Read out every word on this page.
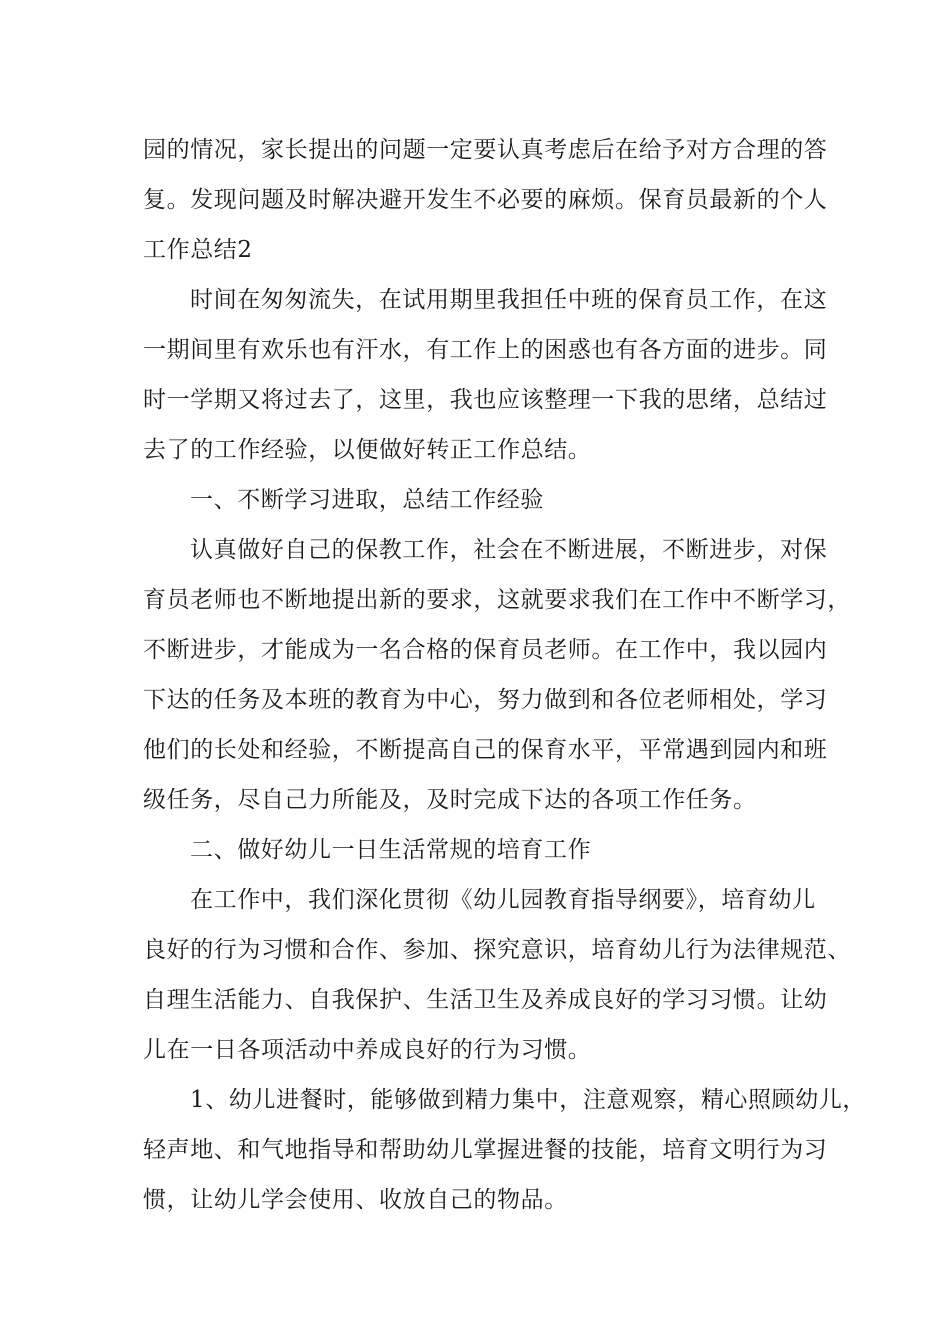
园的情况，家长提出的问题一定要认真考虑后在给予对方合理的答
复。发现问题及时解决避开发生不必要的麻烦。保育员最新的个人
工作总结2
时间在匆匆流失，在试用期里我担任中班的保育员工作，在这
一期间里有欢乐也有汗水，有工作上的困惑也有各方面的进步。同
时一学期又将过去了，这里，我也应该整理一下我的思绪，总结过
去了的工作经验，以便做好转正工作总结。
一、不断学习进取，总结工作经验
认真做好自己的保教工作，社会在不断进展，不断进步，对保
育员老师也不断地提出新的要求，这就要求我们在工作中不断学习，
不断进步，才能成为一名合格的保育员老师。在工作中，我以园内
下达的任务及本班的教育为中心，努力做到和各位老师相处，学习
他们的长处和经验，不断提高自己的保育水平，平常遇到园内和班
级任务，尽自己力所能及，及时完成下达的各项工作任务。
二、做好幼儿一日生活常规的培育工作
在工作中，我们深化贯彻《幼儿园教育指导纲要》，培育幼儿
良好的行为习惯和合作、参加、探究意识，培育幼儿行为法律规范、
自理生活能力、自我保护、生活卫生及养成良好的学习习惯。让幼
儿在一日各项活动中养成良好的行为习惯。
1、幼儿进餐时，能够做到精力集中，注意观察，精心照顾幼儿，
轻声地、和气地指导和帮助幼儿掌握进餐的技能，培育文明行为习
惯，让幼儿学会使用、收放自己的物品。
